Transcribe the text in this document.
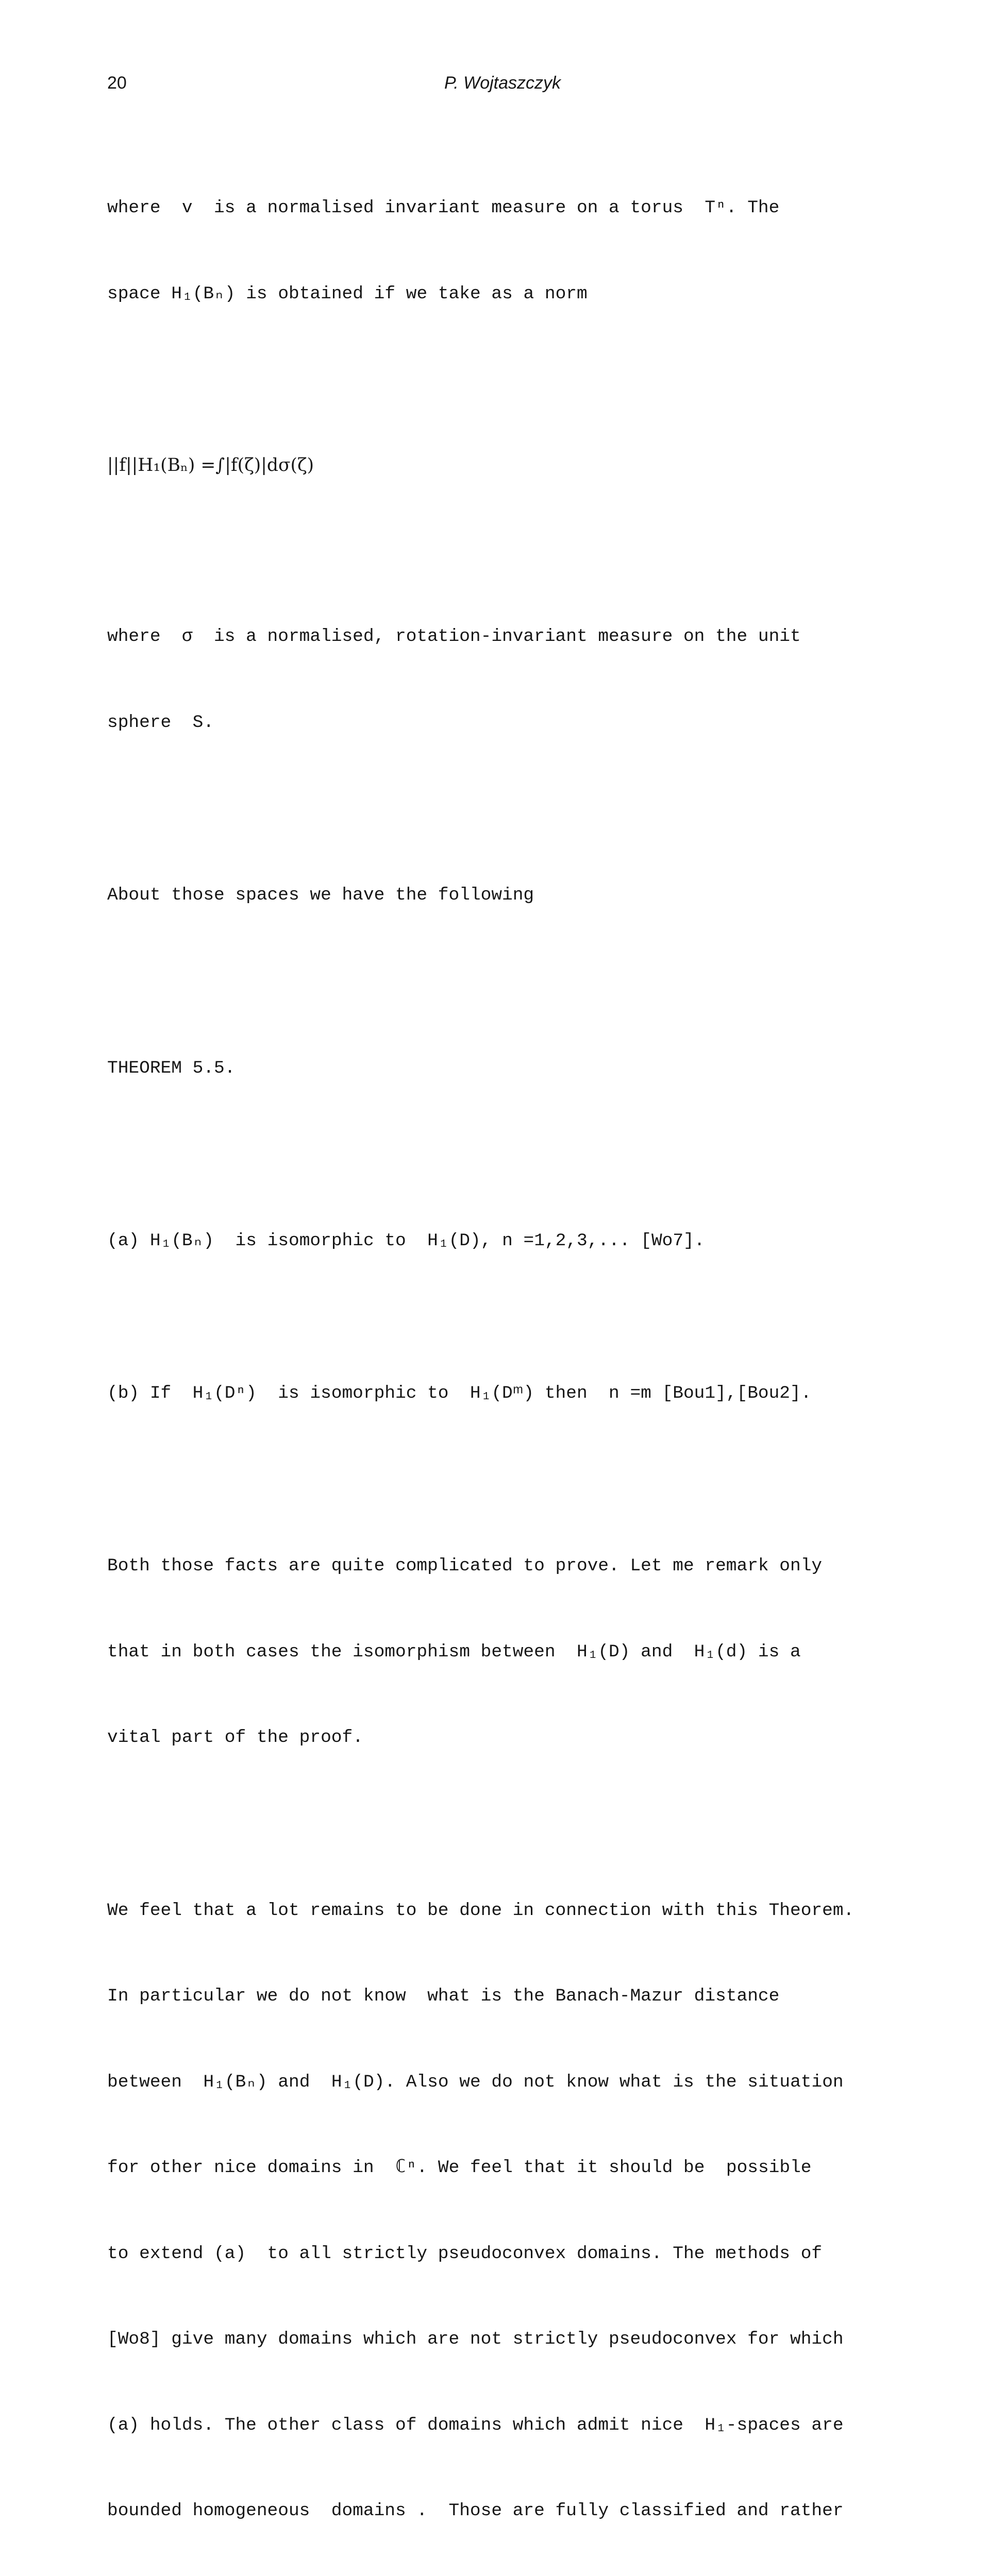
20	P. Wojtaszczyk

where  v  is a normalised invariant measure on a torus  Tⁿ. The

space H₁(Bₙ) is obtained if we take as a norm

||f||H₁(Bₙ) =∫|f(ζ)|dσ(ζ)

where  σ  is a normalised, rotation-invariant measure on the unit

sphere  S.

About those spaces we have the following

THEOREM 5.5.

(a) H₁(Bₙ)  is isomorphic to  H₁(D), n =1,2,3,... [Wo7].

(b) If  H₁(Dⁿ)  is isomorphic to  H₁(Dᵐ) then  n =m [Bou1],[Bou2].

Both those facts are quite complicated to prove. Let me remark only

that in both cases the isomorphism between  H₁(D) and  H₁(d) is a

vital part of the proof.

We feel that a lot remains to be done in connection with this Theorem.

In particular we do not know  what is the Banach-Mazur distance

between  H₁(Bₙ) and  H₁(D). Also we do not know what is the situation

for other nice domains in  ℂⁿ. We feel that it should be  possible

to extend (a)  to all strictly pseudoconvex domains. The methods of

[Wo8] give many domains which are not strictly pseudoconvex for which

(a) holds. The other class of domains which admit nice  H₁-spaces are

bounded homogeneous  domains .  Those are fully classified and rather
